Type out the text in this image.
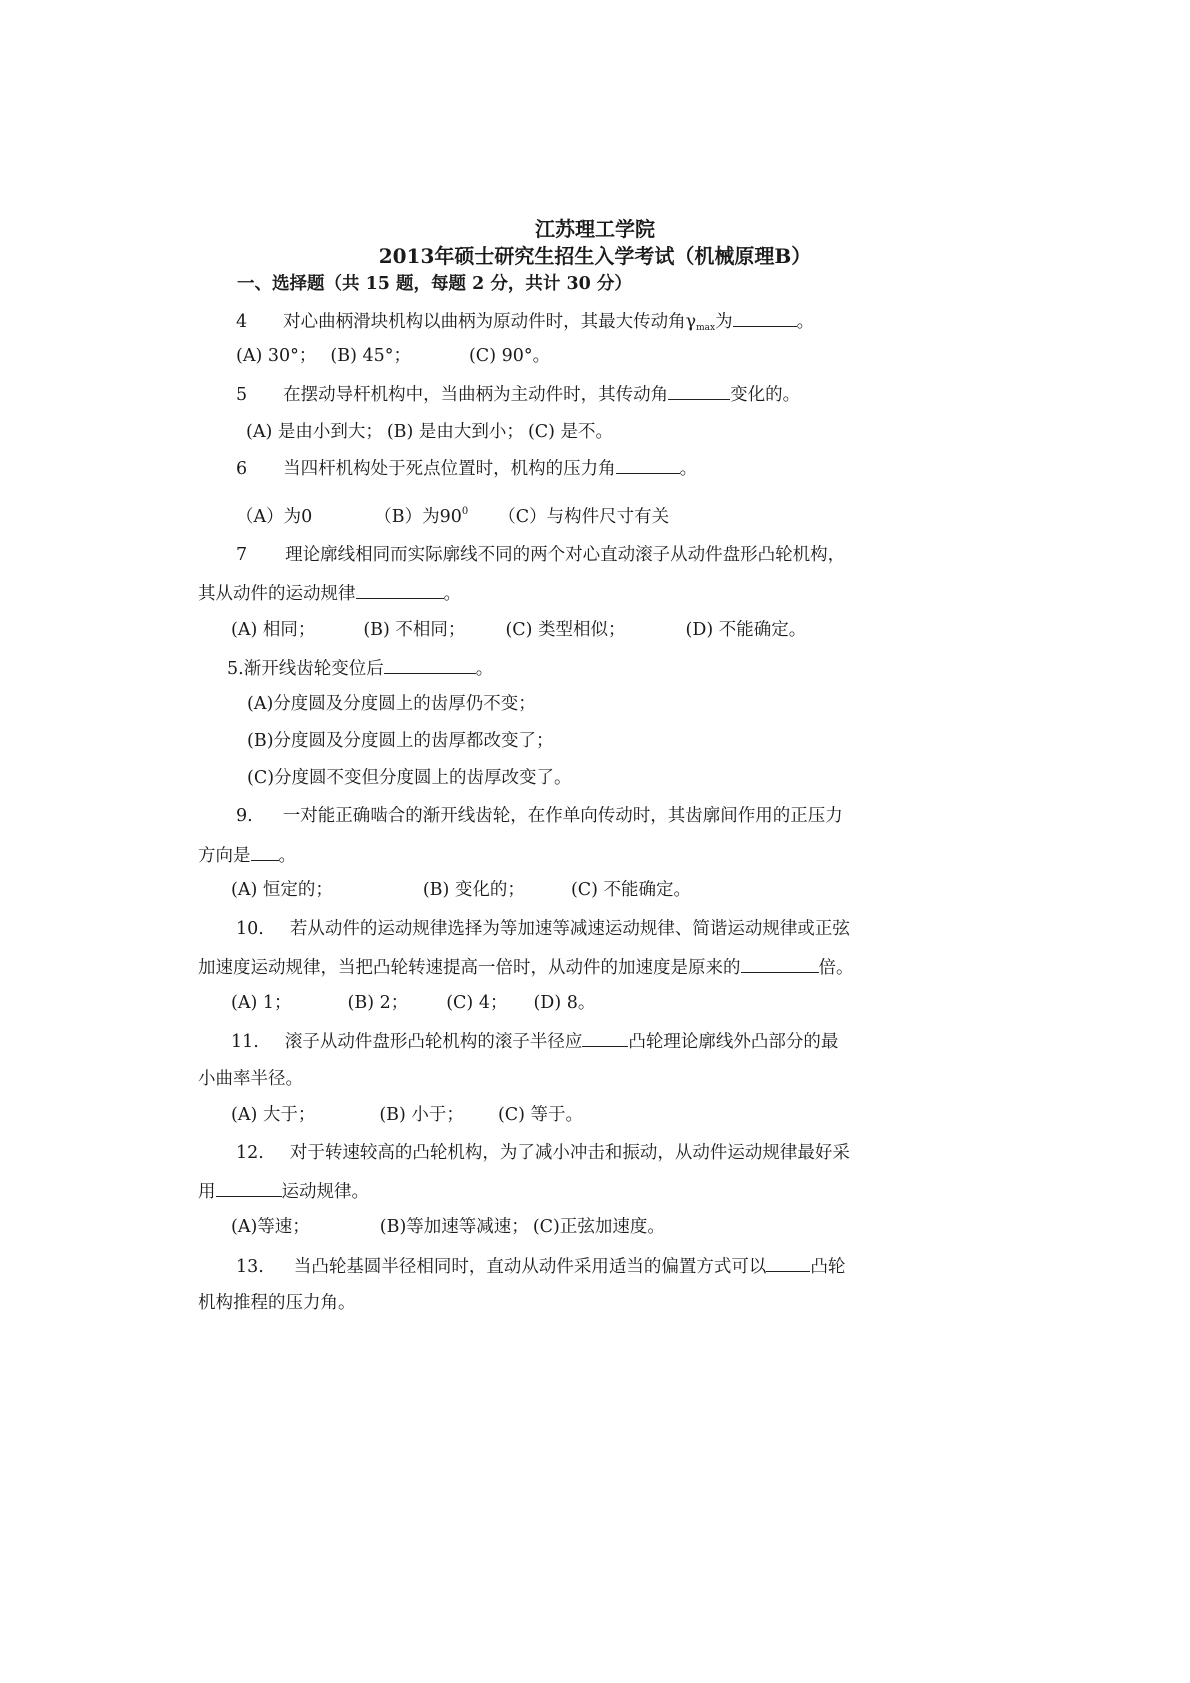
江苏理工学院
2013年硕士研究生招生入学考试（机械原理B）
一、选择题（共 15 题，每题 2 分，共计 30 分）
4 对心曲柄滑块机构以曲柄为原动件时，其最大传动角$\gamma_{max}$为	。
(A) 30°； (B) 45°；	(C) 90°。
5 在摆动导杆机构中，当曲柄为主动件时，其传动角	变化的。
(A) 是由小到大； (B) 是由大到小； (C) 是不。
6 当四杆机构处于死点位置时，机构的压力角	。
（A）为0	（B）为$90^0$ （C）与构件尺寸有关
7 理论廓线相同而实际廓线不同的两个对心直动滚子从动件盘形凸轮机构，
其从动件的运动规律	。
(A) 相同；	(B) 不相同； (C) 类型相似；	(D) 不能确定。
5.渐开线齿轮变位后	。
(A)分度圆及分度圆上的齿厚仍不变；
(B)分度圆及分度圆上的齿厚都改变了；
(C)分度圆不变但分度圆上的齿厚改变了。
9. 一对能正确啮合的渐开线齿轮，在作单向传动时，其齿廓间作用的正压力
方向是 。
(A) 恒定的；	(B) 变化的；	(C) 不能确定。
10. 若从动件的运动规律选择为等加速等减速运动规律、简谐运动规律或正弦
加速度运动规律，当把凸轮转速提高一倍时，从动件的加速度是原来的	倍。
(A) 1；	(B) 2； (C) 4； (D) 8。
11. 滚子从动件盘形凸轮机构的滚子半径应	凸轮理论廓线外凸部分的最
小曲率半径。
(A) 大于；	(B) 小于； (C) 等于。
12. 对于转速较高的凸轮机构，为了减小冲击和振动，从动件运动规律最好采
用	运动规律。
(A)等速；	(B)等加速等减速； (C)正弦加速度。
13. 当凸轮基圆半径相同时，直动从动件采用适当的偏置方式可以	凸轮
机构推程的压力角。
